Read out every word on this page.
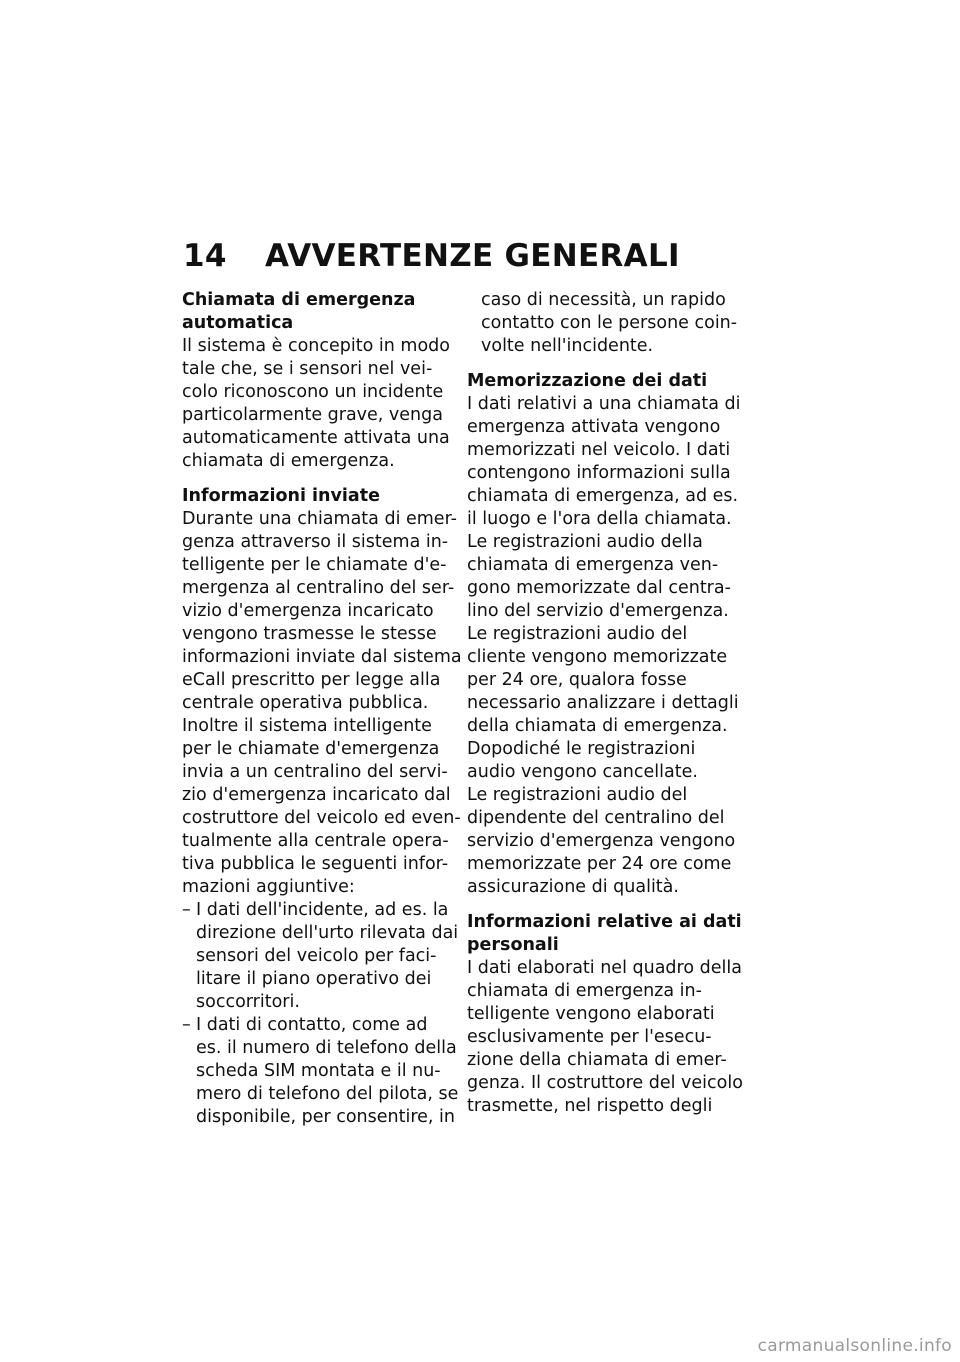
14 AVVERTENZE GENERALI
Chiamata di emergenza
automatica
Il sistema è concepito in modo
tale che, se i sensori nel vei-
colo riconoscono un incidente
particolarmente grave, venga
automaticamente attivata una
chiamata di emergenza.
Informazioni inviate
Durante una chiamata di emer-
genza attraverso il sistema in-
telligente per le chiamate d'e-
mergenza al centralino del ser-
vizio d'emergenza incaricato
vengono trasmesse le stesse
informazioni inviate dal sistema
eCall prescritto per legge alla
centrale operativa pubblica.
Inoltre il sistema intelligente
per le chiamate d'emergenza
invia a un centralino del servi-
zio d'emergenza incaricato dal
costruttore del veicolo ed even-
tualmente alla centrale opera-
tiva pubblica le seguenti infor-
mazioni aggiuntive:
– I dati dell'incidente, ad es. la
direzione dell'urto rilevata dai
sensori del veicolo per faci-
litare il piano operativo dei
soccorritori.
– I dati di contatto, come ad
es. il numero di telefono della
scheda SIM montata e il nu-
mero di telefono del pilota, se
disponibile, per consentire, in
caso di necessità, un rapido
contatto con le persone coin-
volte nell'incidente.
Memorizzazione dei dati
I dati relativi a una chiamata di
emergenza attivata vengono
memorizzati nel veicolo. I dati
contengono informazioni sulla
chiamata di emergenza, ad es.
il luogo e l'ora della chiamata.
Le registrazioni audio della
chiamata di emergenza ven-
gono memorizzate dal centra-
lino del servizio d'emergenza.
Le registrazioni audio del
cliente vengono memorizzate
per 24 ore, qualora fosse
necessario analizzare i dettagli
della chiamata di emergenza.
Dopodiché le registrazioni
audio vengono cancellate.
Le registrazioni audio del
dipendente del centralino del
servizio d'emergenza vengono
memorizzate per 24 ore come
assicurazione di qualità.
Informazioni relative ai dati
personali
I dati elaborati nel quadro della
chiamata di emergenza in-
telligente vengono elaborati
esclusivamente per l'esecu-
zione della chiamata di emer-
genza. Il costruttore del veicolo
trasmette, nel rispetto degli
carmanualsonline.info
